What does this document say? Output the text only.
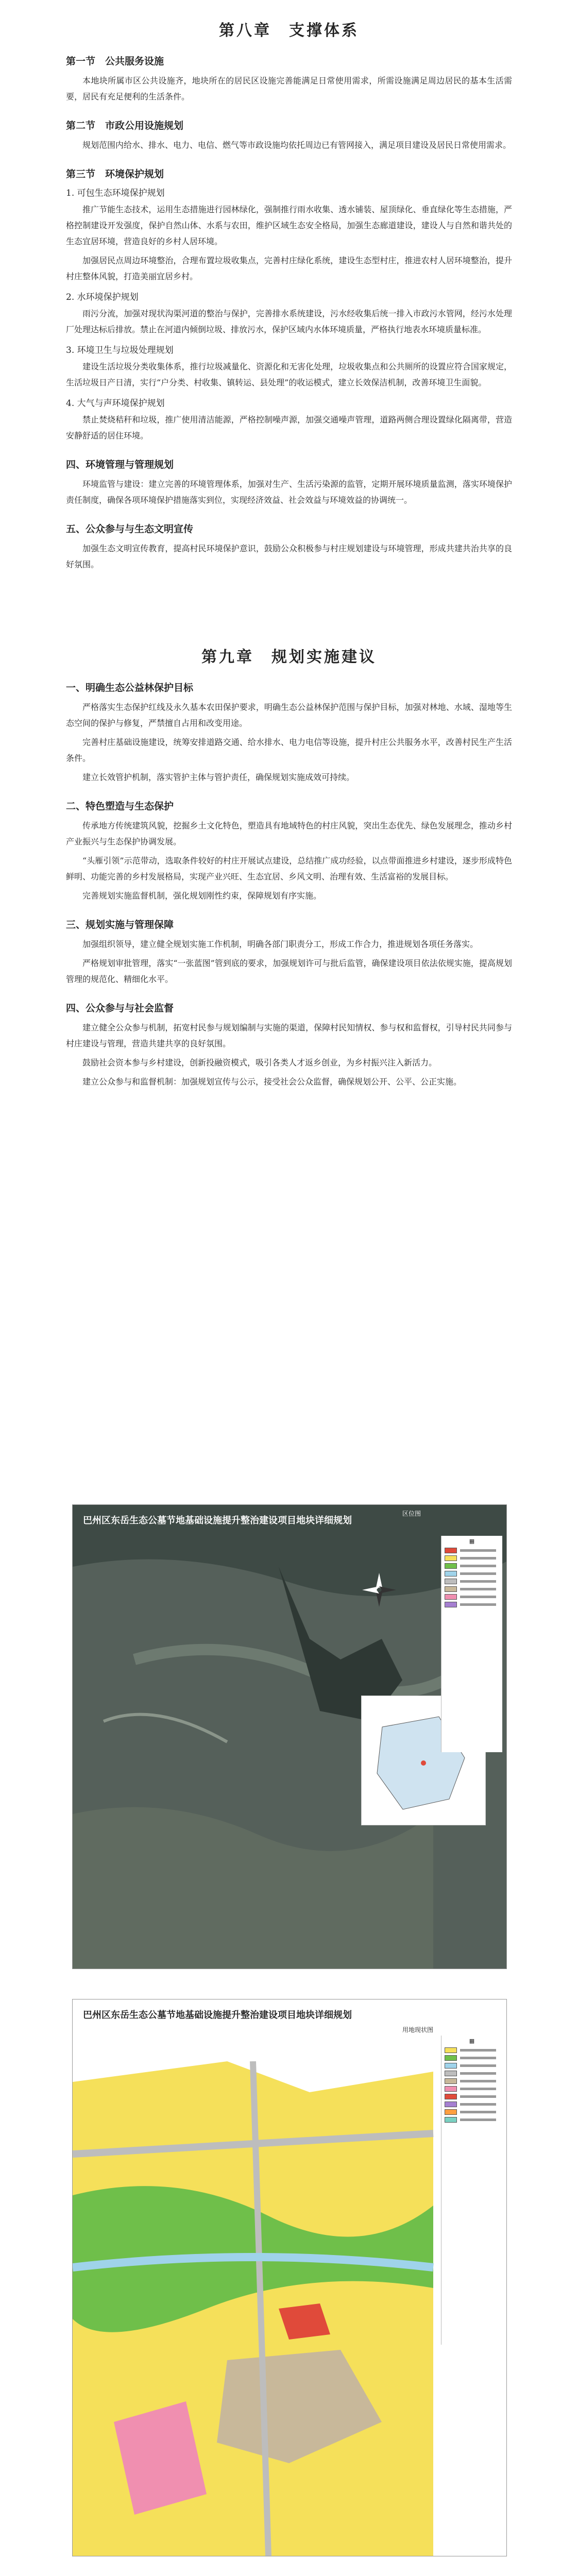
第八章　支撑体系
第一节　公共服务设施

本地块所属市区公共设施齐，地块所在的居民区设施完善能满足日常使用需求，所需设施满足周边居民的基本生活需要，居民有充足便利的生活条件。

第二节　市政公用设施规划

规划范围内给水、排水、电力、电信、燃气等市政设施均依托周边已有管网接入，满足项目建设及居民日常使用需求。

第三节　环境保护规划
1. 可包生态环境保护规划

推广节能生态技术，运用生态措施进行园林绿化，强制推行雨水收集、透水铺装、屋顶绿化、垂直绿化等生态措施，严格控制建设开发强度，保护自然山体、水系与农田，维护区域生态安全格局，加强生态廊道建设，建设人与自然和谐共处的生态宜居环境，营造良好的乡村人居环境。

加强居民点周边环境整治，合理布置垃圾收集点，完善村庄绿化系统，建设生态型村庄，推进农村人居环境整治，提升村庄整体风貌，打造美丽宜居乡村。

2. 水环境保护规划

雨污分流，加强对现状沟渠河道的整治与保护，完善排水系统建设，污水经收集后统一排入市政污水管网，经污水处理厂处理达标后排放。禁止在河道内倾倒垃圾、排放污水，保护区域内水体环境质量，严格执行地表水环境质量标准。

3. 环境卫生与垃圾处理规划

建设生活垃圾分类收集体系，推行垃圾减量化、资源化和无害化处理，垃圾收集点和公共厕所的设置应符合国家规定，生活垃圾日产日清，实行“户分类、村收集、镇转运、县处理”的收运模式，建立长效保洁机制，改善环境卫生面貌。

4. 大气与声环境保护规划

禁止焚烧秸秆和垃圾，推广使用清洁能源，严格控制噪声源，加强交通噪声管理，道路两侧合理设置绿化隔离带，营造安静舒适的居住环境。

四、环境管理与管理规划

环境监管与建设：建立完善的环境管理体系，加强对生产、生活污染源的监管，定期开展环境质量监测，落实环境保护责任制度，确保各项环境保护措施落实到位，实现经济效益、社会效益与环境效益的协调统一。

五、公众参与与生态文明宣传

加强生态文明宣传教育，提高村民环境保护意识，鼓励公众积极参与村庄规划建设与环境管理，形成共建共治共享的良好氛围。

第九章　规划实施建议
一、明确生态公益林保护目标

严格落实生态保护红线及永久基本农田保护要求，明确生态公益林保护范围与保护目标，加强对林地、水域、湿地等生态空间的保护与修复，严禁擅自占用和改变用途。

完善村庄基础设施建设，统筹安排道路交通、给水排水、电力电信等设施，提升村庄公共服务水平，改善村民生产生活条件。

建立长效管护机制，落实管护主体与管护责任，确保规划实施成效可持续。

二、特色塑造与生态保护

传承地方传统建筑风貌，挖掘乡土文化特色，塑造具有地域特色的村庄风貌，突出生态优先、绿色发展理念，推动乡村产业振兴与生态保护协调发展。

“头雁引领”示范带动，选取条件较好的村庄开展试点建设，总结推广成功经验，以点带面推进乡村建设，逐步形成特色鲜明、功能完善的乡村发展格局，实现产业兴旺、生态宜居、乡风文明、治理有效、生活富裕的发展目标。

完善规划实施监督机制，强化规划刚性约束，保障规划有序实施。

三、规划实施与管理保障

加强组织领导，建立健全规划实施工作机制，明确各部门职责分工，形成工作合力，推进规划各项任务落实。

严格规划审批管理，落实“一张蓝图”管到底的要求，加强规划许可与批后监管，确保建设项目依法依规实施，提高规划管理的规范化、精细化水平。

四、公众参与与社会监督

建立健全公众参与机制，拓宽村民参与规划编制与实施的渠道，保障村民知情权、参与权和监督权，引导村民共同参与村庄建设与管理，营造共建共享的良好氛围。

鼓励社会资本参与乡村建设，创新投融资模式，吸引各类人才返乡创业，为乡村振兴注入新活力。

建立公众参与和监督机制：加强规划宣传与公示，接受社会公众监督，确保规划公开、公平、公正实施。

巴州区东岳生态公墓节地基础设施提升整治建设项目地块详细规划
区位图
▦
巴州区东岳生态公墓节地基础设施提升整治建设项目地块详细规划
用地现状图
▦
